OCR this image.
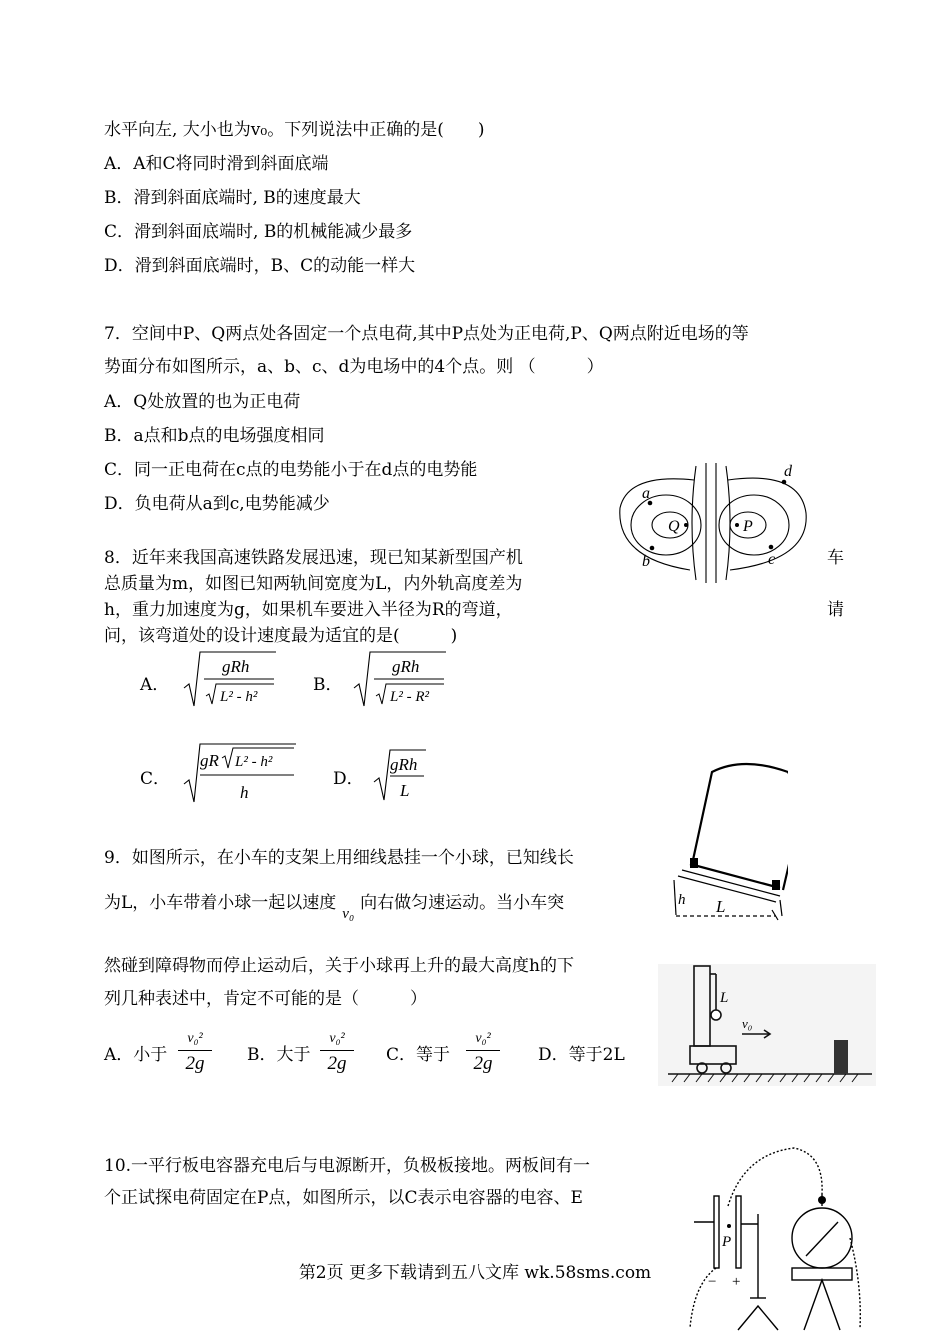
水平向左, 大小也为v₀。下列说法中正确的是(　　)
A．A和C将同时滑到斜面底端
B．滑到斜面底端时, B的速度最大
C．滑到斜面底端时, B的机械能减少最多
D．滑到斜面底端时，B、C的动能一样大
7．空间中P、Q两点处各固定一个点电荷,其中P点处为正电荷,P、Q两点附近电场的等
势面分布如图所示，a、b、c、d为电场中的4个点。则 （　　　）
A．Q处放置的也为正电荷
B．a点和b点的电场强度相同
C．同一正电荷在c点的电势能小于在d点的电势能
D．负电荷从a到c,电势能减少
a
b	c
d
Q	P
8．近年来我国高速铁路发展迅速，现已知某新型国产机	车
总质量为m，如图已知两轨间宽度为L，内外轨高度差为
h，重力加速度为g，如果机车要进入半径为R的弯道，	请
问，该弯道处的设计速度最为适宜的是(　　　)
A．
gRh
L² - h²
B．
gRh
L² - R²
C．
gR L² - h²
h
D．
gRh
L
h L
9．如图所示，在小车的支架上用细线悬挂一个小球，已知线长
为L，小车带着小球一起以速度v₀向右做匀速运动。当小车突
然碰到障碍物而停止运动后，关于小球再上升的最大高度h的下
列几种表述中，肯定不可能的是（　　　）
A．小于
v₀²
2g	B．大于
v₀²
2g	C．等于
v₀²
2g	D．等于2L
L
v₀
10.一平行板电容器充电后与电源断开，负极板接地。两板间有一
个正试探电荷固定在P点，如图所示，以C表示电容器的电容、E
P
− +
第2页 更多下载请到五八文库 wk.58sms.com
